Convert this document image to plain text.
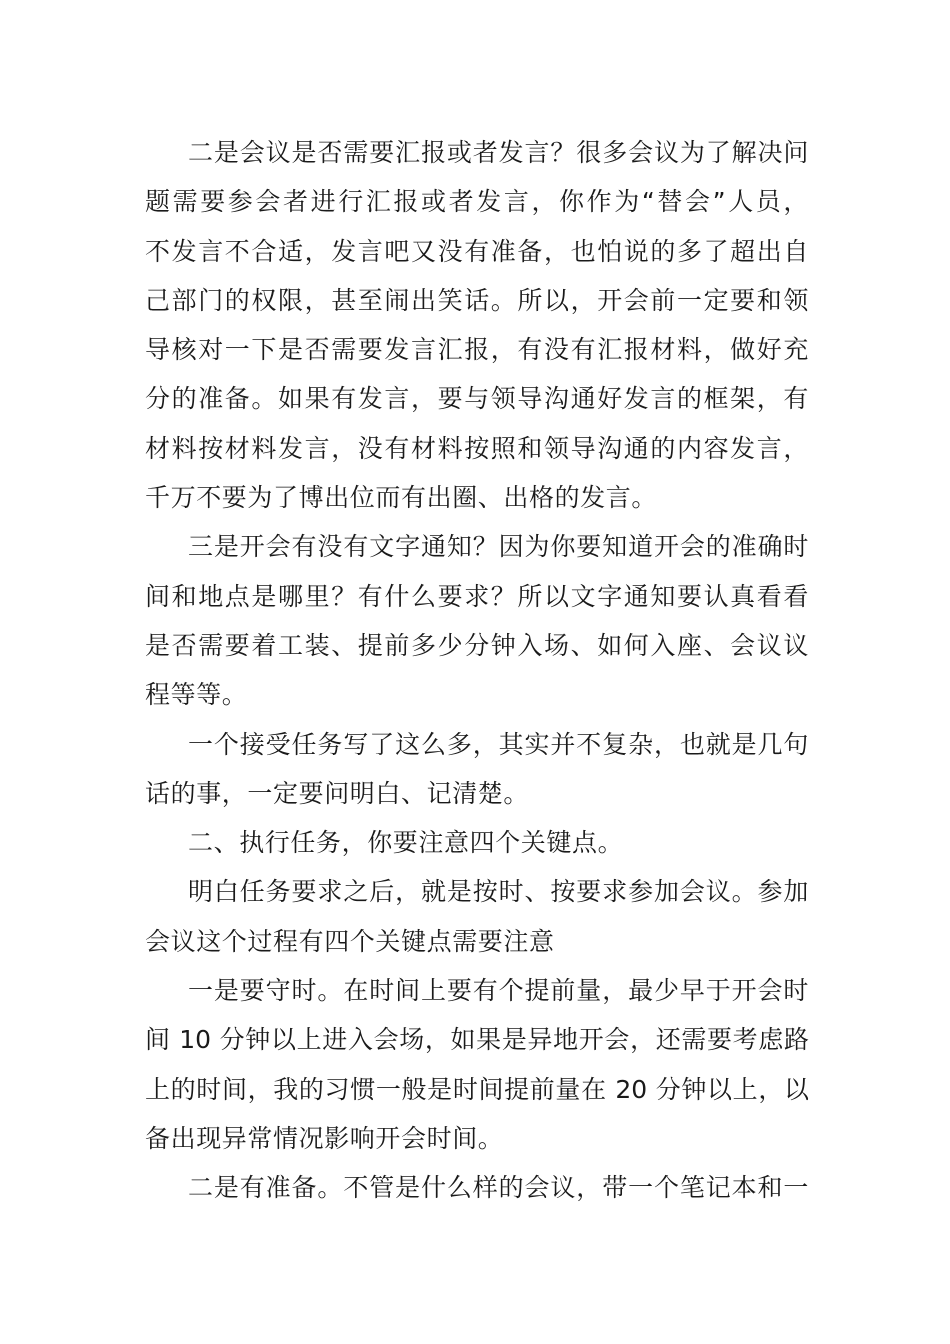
二是会议是否需要汇报或者发言？很多会议为了解决问
题需要参会者进行汇报或者发言，你作为“替会”人员，
不发言不合适，发言吧又没有准备，也怕说的多了超出自
己部门的权限，甚至闹出笑话。所以，开会前一定要和领
导核对一下是否需要发言汇报，有没有汇报材料，做好充
分的准备。如果有发言，要与领导沟通好发言的框架，有
材料按材料发言，没有材料按照和领导沟通的内容发言，
千万不要为了博出位而有出圈、出格的发言。
三是开会有没有文字通知？因为你要知道开会的准确时
间和地点是哪里？有什么要求？所以文字通知要认真看看
是否需要着工装、提前多少分钟入场、如何入座、会议议
程等等。
一个接受任务写了这么多，其实并不复杂，也就是几句
话的事，一定要问明白、记清楚。
二、执行任务，你要注意四个关键点。
明白任务要求之后，就是按时、按要求参加会议。参加
会议这个过程有四个关键点需要注意
一是要守时。在时间上要有个提前量，最少早于开会时
间 10 分钟以上进入会场，如果是异地开会，还需要考虑路
上的时间，我的习惯一般是时间提前量在 20 分钟以上，以
备出现异常情况影响开会时间。
二是有准备。不管是什么样的会议，带一个笔记本和一
